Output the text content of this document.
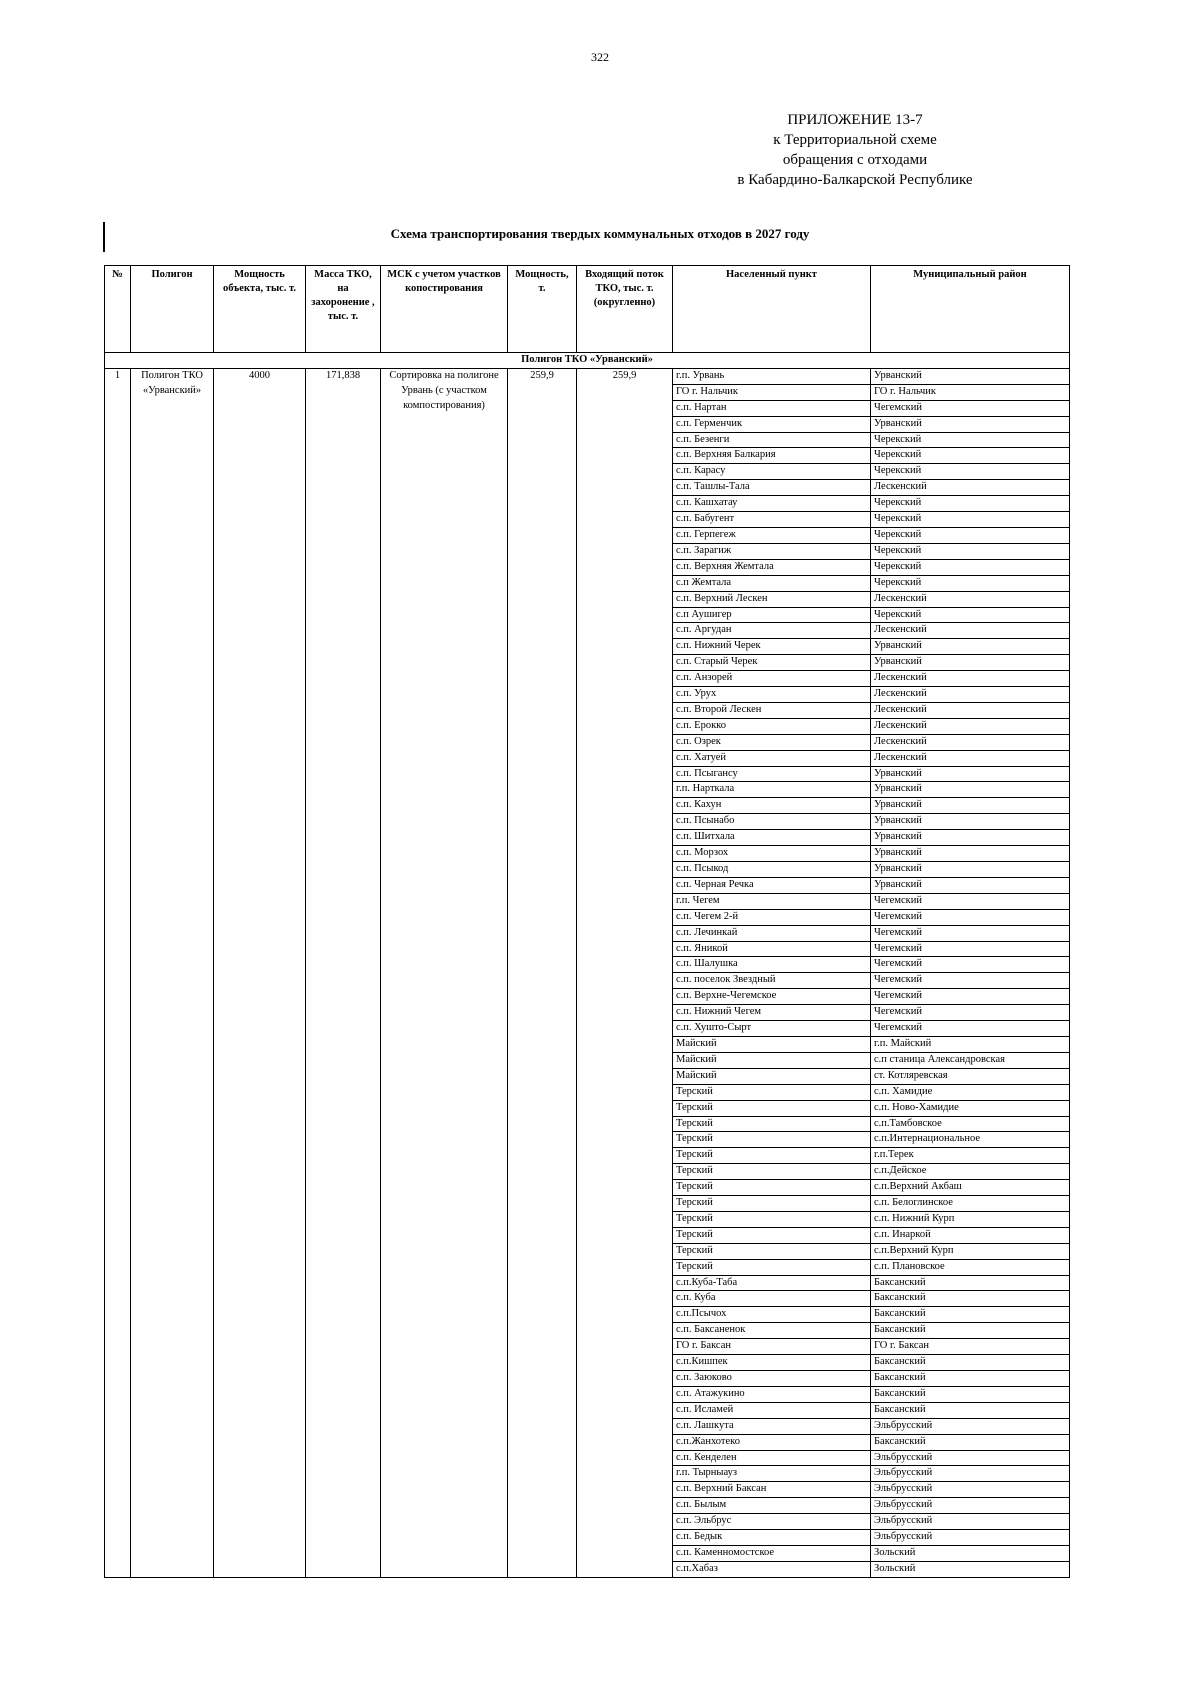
322
ПРИЛОЖЕНИЕ 13-7
к Территориальной схеме
обращения с отходами
в Кабардино-Балкарской Республике
Схема транспортирования твердых коммунальных отходов в 2027 году
№	Полигон	Мощность объекта, тыс. т.	Масса ТКО, на захоронение , тыс. т.	МСК с учетом участков копостирования	Мощность, т.	Входящий поток ТКО, тыс. т. (округленно)	Населенный пункт	Муниципальный район
Полигон ТКО «Урванский»								
1	Полигон ТКО «Урванский»	4000	171,838	Сортировка на полигоне Урвань (с участком компостирования)	259,9	259,9	г.п. Урвань	Урванский
							ГО г. Нальчик	ГО г. Нальчик
							с.п. Нартан	Чегемский
							с.п. Герменчик	Урванский
							с.п. Безенги	Черекский
							с.п. Верхняя Балкария	Черекский
							с.п. Карасу	Черекский
							с.п. Ташлы-Тала	Лескенский
							с.п. Кашхатау	Черекский
							с.п. Бабугент	Черекский
							с.п. Герпегеж	Черекский
							с.п. Зарагиж	Черекский
							с.п. Верхняя Жемтала	Черекский
							с.п Жемтала	Черекский
							с.п. Верхний Лескен	Лескенский
							с.п Аушигер	Черекский
							с.п. Аргудан	Лескенский
							с.п. Нижний Черек	Урванский
							с.п. Старый Черек	Урванский
							с.п. Анзорей	Лескенский
							с.п. Урух	Лескенский
							с.п. Второй Лескен	Лескенский
							с.п. Ерокко	Лескенский
							с.п. Озрек	Лескенский
							с.п. Хатуей	Лескенский
							с.п. Псыгансу	Урванский
							г.п. Нарткала	Урванский
							с.п. Кахун	Урванский
							с.п. Псынабо	Урванский
							с.п. Шитхала	Урванский
							с.п. Морзох	Урванский
							с.п. Псыкод	Урванский
							с.п. Черная Речка	Урванский
							г.п. Чегем	Чегемский
							с.п. Чегем 2-й	Чегемский
							с.п. Лечинкай	Чегемский
							с.п. Яникой	Чегемский
							с.п. Шалушка	Чегемский
							с.п. поселок Звездный	Чегемский
							с.п. Верхне-Чегемское	Чегемский
							с.п. Нижний Чегем	Чегемский
							с.п. Хушто-Сырт	Чегемский
							Майский	г.п. Майский
							Майский	с.п станица Александровская
							Майский	ст. Котляревская
							Терский	с.п. Хамидие
							Терский	с.п. Ново-Хамидие
							Терский	с.п.Тамбовское
							Терский	с.п.Интернациональное
							Терский	г.п.Терек
							Терский	с.п.Дейское
							Терский	с.п.Верхний Акбаш
							Терский	с.п. Белоглинское
							Терский	с.п. Нижний Курп
							Терский	с.п. Инаркой
							Терский	с.п.Верхний Курп
							Терский	с.п. Плановское
							с.п.Куба-Таба	Баксанский
							с.п. Куба	Баксанский
							с.п.Псычох	Баксанский
							с.п. Баксаненок	Баксанский
							ГО г. Баксан	ГО г. Баксан
							с.п.Кишпек	Баксанский
							с.п. Заюково	Баксанский
							с.п. Атажукино	Баксанский
							с.п. Исламей	Баксанский
							с.п. Лашкута	Эльбрусский
							с.п.Жанхотеко	Баксанский
							с.п. Кенделен	Эльбрусский
							г.п. Тырныауз	Эльбрусский
							с.п. Верхний Баксан	Эльбрусский
							с.п. Былым	Эльбрусский
							с.п. Эльбрус	Эльбрусский
							с.п. Бедык	Эльбрусский
							с.п. Каменномостское	Зольский
							с.п.Хабаз	Зольский
